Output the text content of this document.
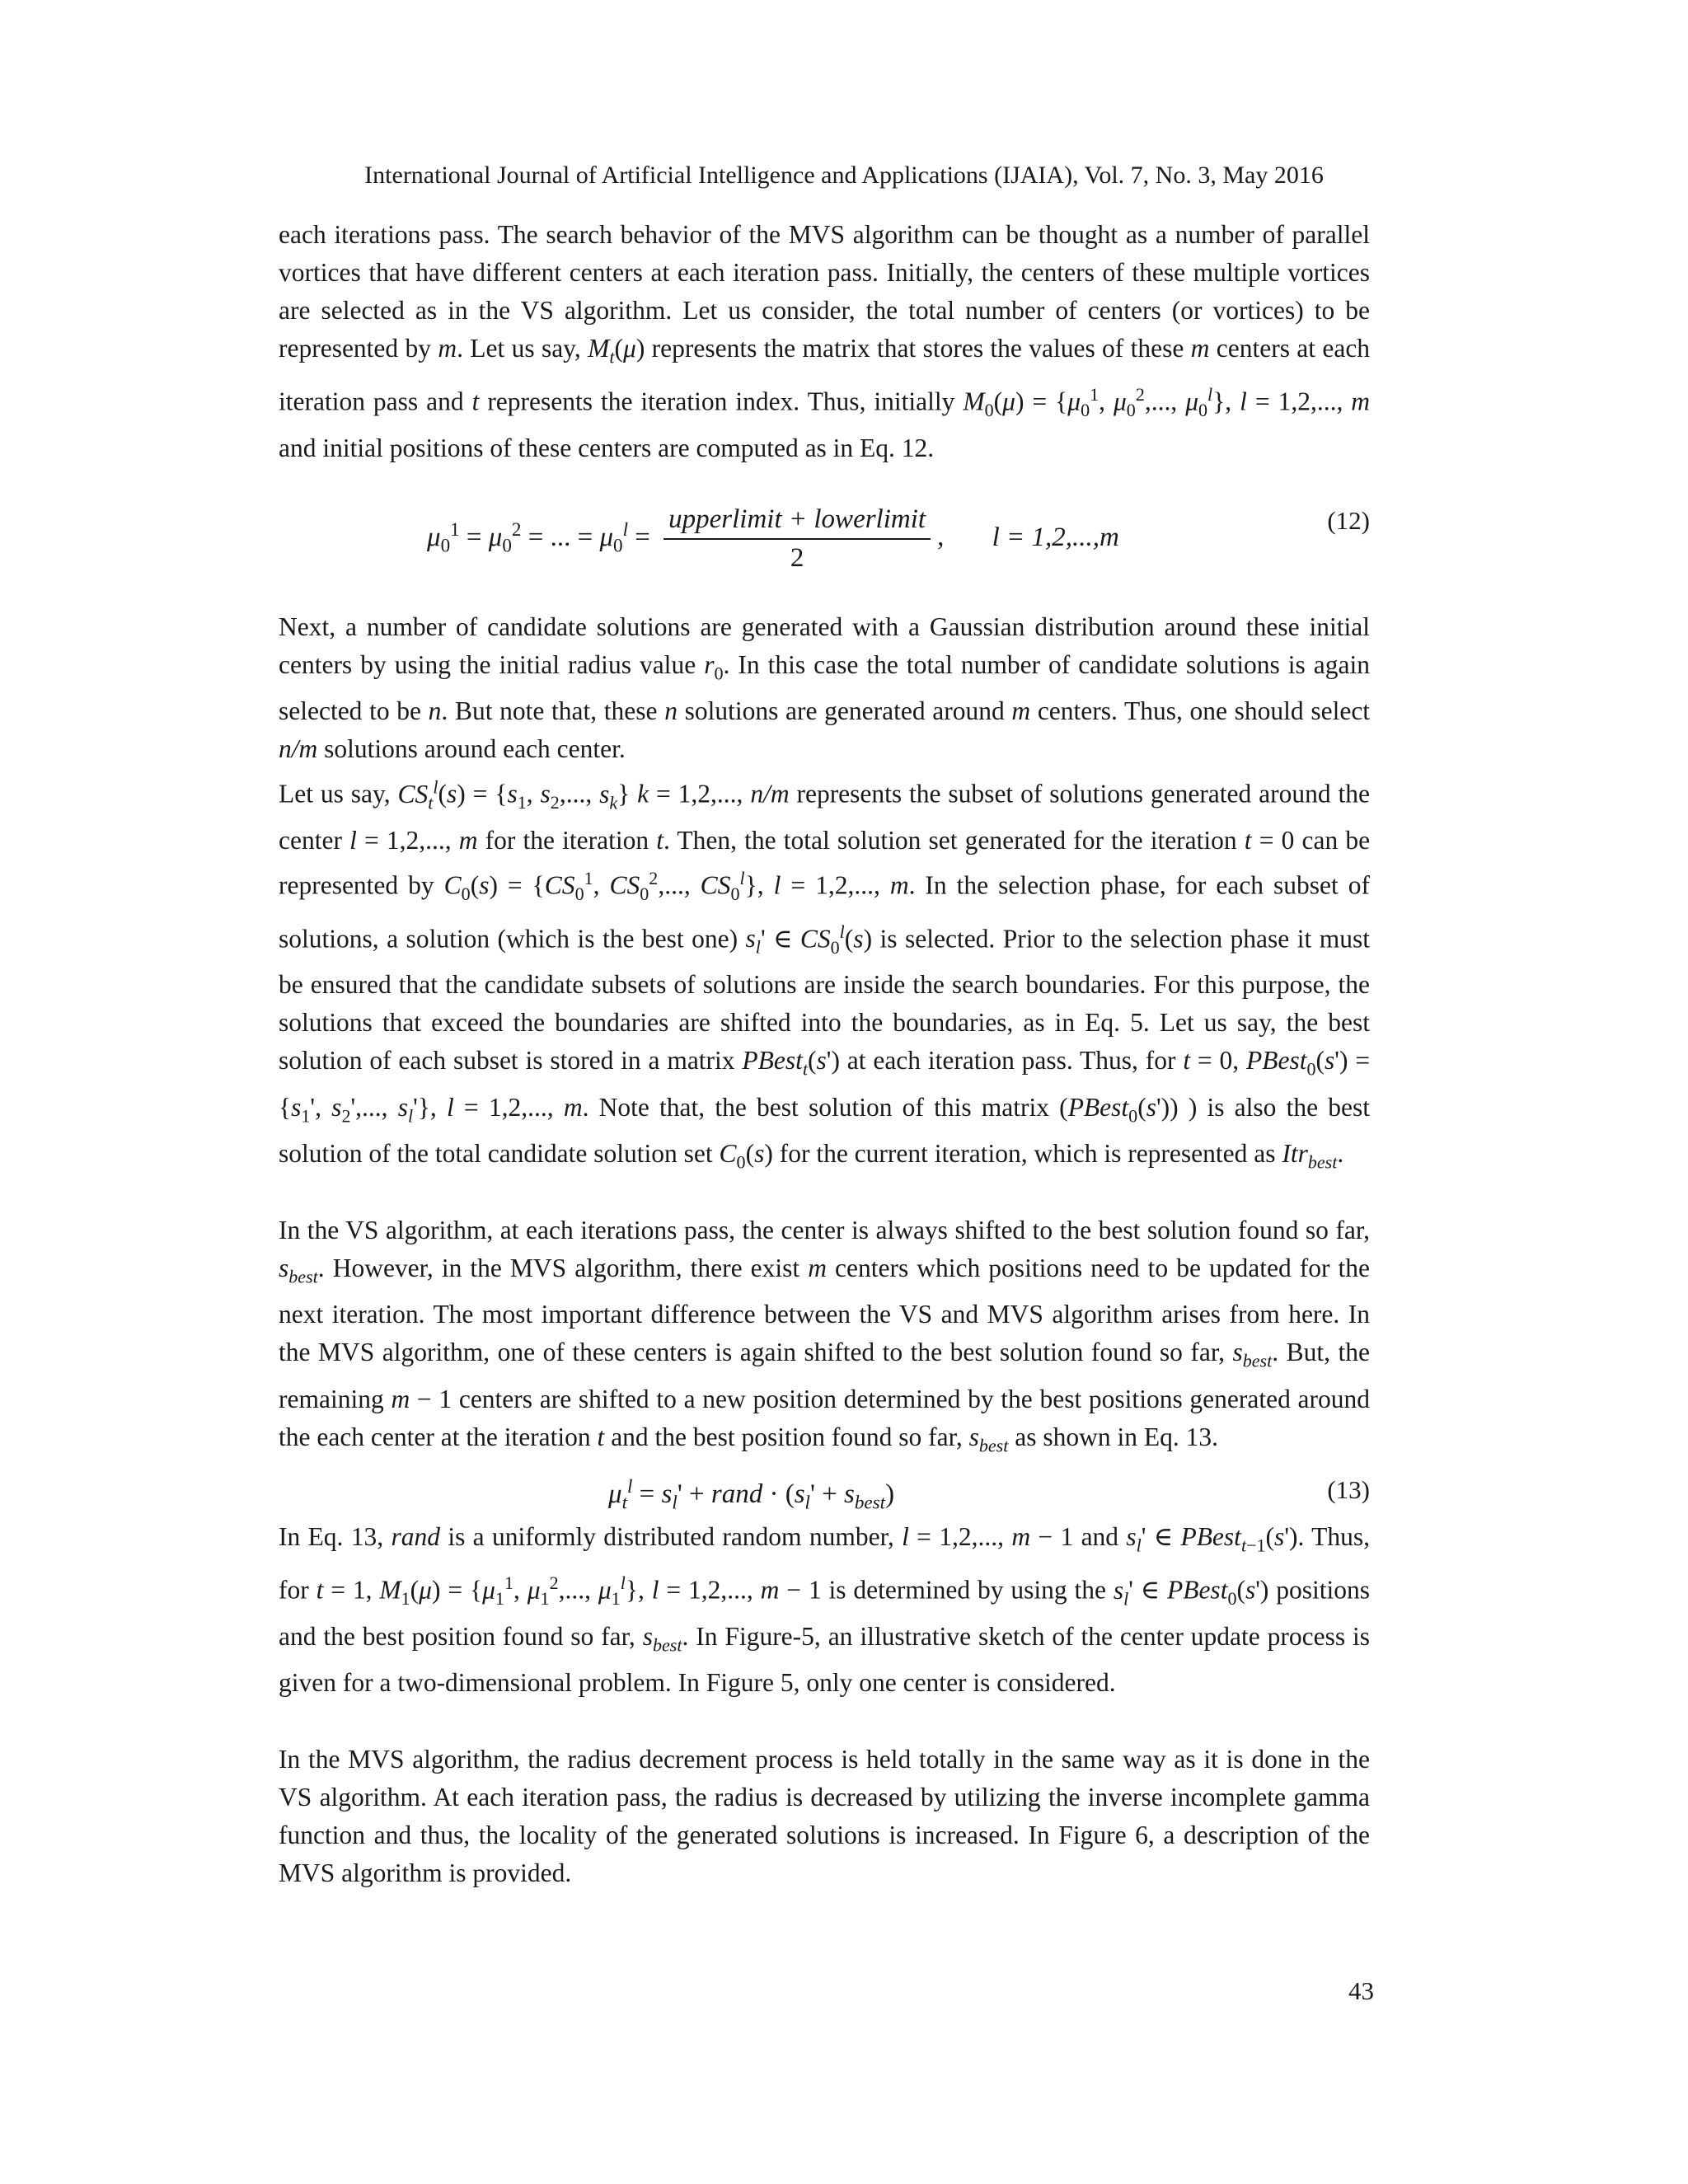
International Journal of Artificial Intelligence and Applications (IJAIA), Vol. 7, No. 3, May 2016

each iterations pass. The search behavior of the MVS algorithm can be thought as a number of parallel vortices that have different centers at each iteration pass. Initially, the centers of these multiple vortices are selected as in the VS algorithm. Let us consider, the total number of centers (or vortices) to be represented by m. Let us say, $M_t(\mu)$ represents the matrix that stores the values of these m centers at each iteration pass and t represents the iteration index. Thus, initially $M_0(\mu) = \{\mu_0^1$, $\mu_0^2$,..., $\mu_0^l$}, l = 1,2,..., m and initial positions of these centers are computed as in Eq. 12.

$\mu_0^1 = \mu_0^2$ = ... = $\mu_0^l = \frac{\text{upperlimit + lowerlimit}}{2}$ , l = 1,2,...,m
(12)

Next, a number of candidate solutions are generated with a Gaussian distribution around these initial centers by using the initial radius value $r_0$. In this case the total number of candidate solutions is again selected to be n. But note that, these n solutions are generated around m centers. Thus, one should select n/m solutions around each center.

Let us say, $CS_t^l(s) = \{s_1$, $s_2$,..., $s_k$} k = 1,2,..., n/m represents the subset of solutions generated around the center l = 1,2,..., m for the iteration t. Then, the total solution set generated for the iteration t = 0 can be represented by $C_0(s) = \{CS_0^1$, $CS_0^2$,..., $CS_0^l$}, l = 1,2,..., m. In the selection phase, for each subset of solutions, a solution (which is the best one) $s_l'$ ∈ $CS_0^l(s)$ is selected. Prior to the selection phase it must be ensured that the candidate subsets of solutions are inside the search boundaries. For this purpose, the solutions that exceed the boundaries are shifted into the boundaries, as in Eq. 5. Let us say, the best solution of each subset is stored in a matrix PBest$_t$(s') at each iteration pass. Thus, for t = 0, PBest$_0$(s') = {$s_1'$, $s_2'$,..., $s_l'$}, l = 1,2,..., m. Note that, the best solution of this matrix (PBest$_0$(s')) ) is also the best solution of the total candidate solution set $C_0(s)$ for the current iteration, which is represented as Itr$_{best}$.

In the VS algorithm, at each iterations pass, the center is always shifted to the best solution found so far, $s_{best}$. However, in the MVS algorithm, there exist m centers which positions need to be updated for the next iteration. The most important difference between the VS and MVS algorithm arises from here. In the MVS algorithm, one of these centers is again shifted to the best solution found so far, $s_{best}$. But, the remaining m − 1 centers are shifted to a new position determined by the best positions generated around the each center at the iteration t and the best position found so far, $s_{best}$ as shown in Eq. 13.

$\mu_t^l = s_l'$ + rand · $(s_l' + s_{best})$	(13)

In Eq. 13, rand is a uniformly distributed random number, l = 1,2,..., m − 1 and $s_l'$ ∈ PBest$_{t-1}$(s'). Thus, for t = 1, $M_1(\mu) = \{\mu_1^1$, $\mu_1^2$,..., $\mu_1^l$}, l = 1,2,..., m − 1 is determined by using the $s_l'$ ∈ PBest$_0$(s') positions and the best position found so far, $s_{best}$. In Figure-5, an illustrative sketch of the center update process is given for a two-dimensional problem. In Figure 5, only one center is considered.

In the MVS algorithm, the radius decrement process is held totally in the same way as it is done in the VS algorithm. At each iteration pass, the radius is decreased by utilizing the inverse incomplete gamma function and thus, the locality of the generated solutions is increased. In Figure 6, a description of the MVS algorithm is provided.

43
